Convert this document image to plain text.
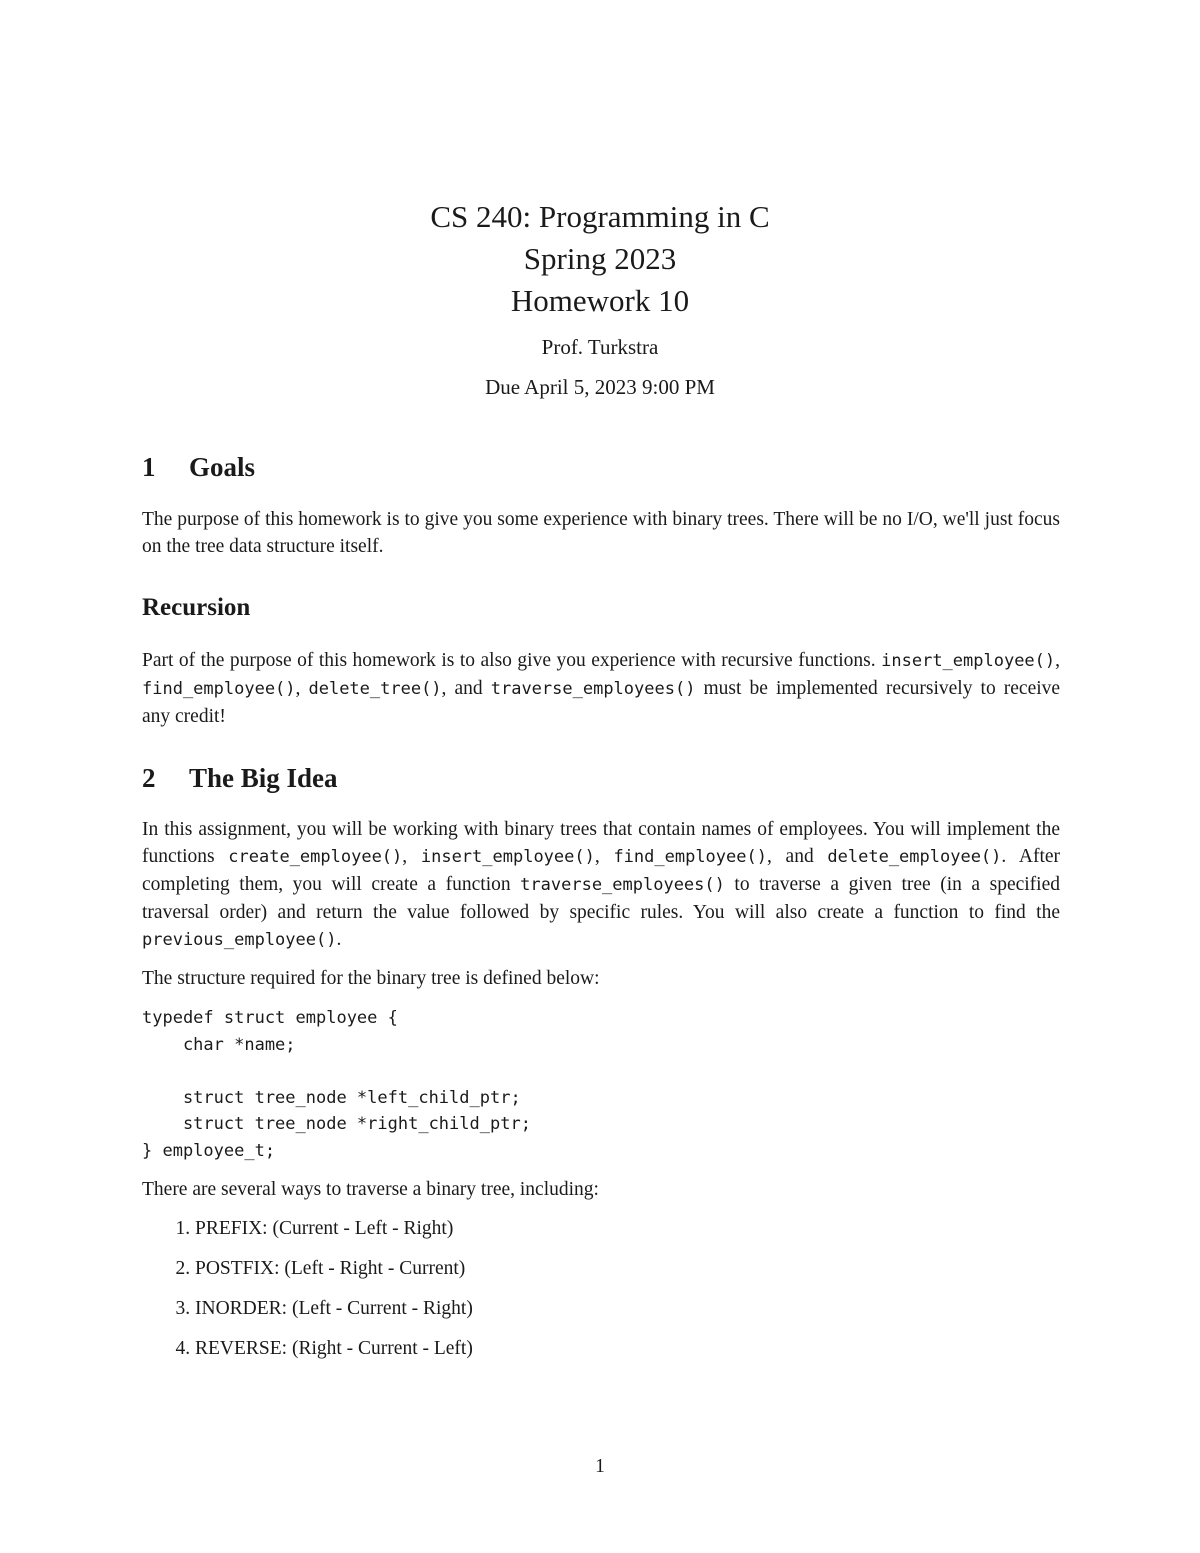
CS 240: Programming in C
Spring 2023
Homework 10
Prof. Turkstra
Due April 5, 2023 9:00 PM
1 Goals

The purpose of this homework is to give you some experience with binary trees. There will be no I/O, we'll just focus on the tree data structure itself.

Recursion

Part of the purpose of this homework is to also give you experience with recursive functions. insert_employee(), find_employee(), delete_tree(), and traverse_employees() must be implemented recursively to receive any credit!

2 The Big Idea

In this assignment, you will be working with binary trees that contain names of employees. You will implement the functions create_employee(), insert_employee(), find_employee(), and delete_employee(). After completing them, you will create a function traverse_employees() to traverse a given tree (in a specified traversal order) and return the value followed by specific rules. You will also create a function to find the previous_employee().

The structure required for the binary tree is defined below:

typedef struct employee {
char *name;

struct tree_node *left_child_ptr;
struct tree_node *right_child_ptr;
} employee_t;

There are several ways to traverse a binary tree, including:

1. PREFIX: (Current - Left - Right)
2. POSTFIX: (Left - Right - Current)
3. INORDER: (Left - Current - Right)
4. REVERSE: (Right - Current - Left)
1
